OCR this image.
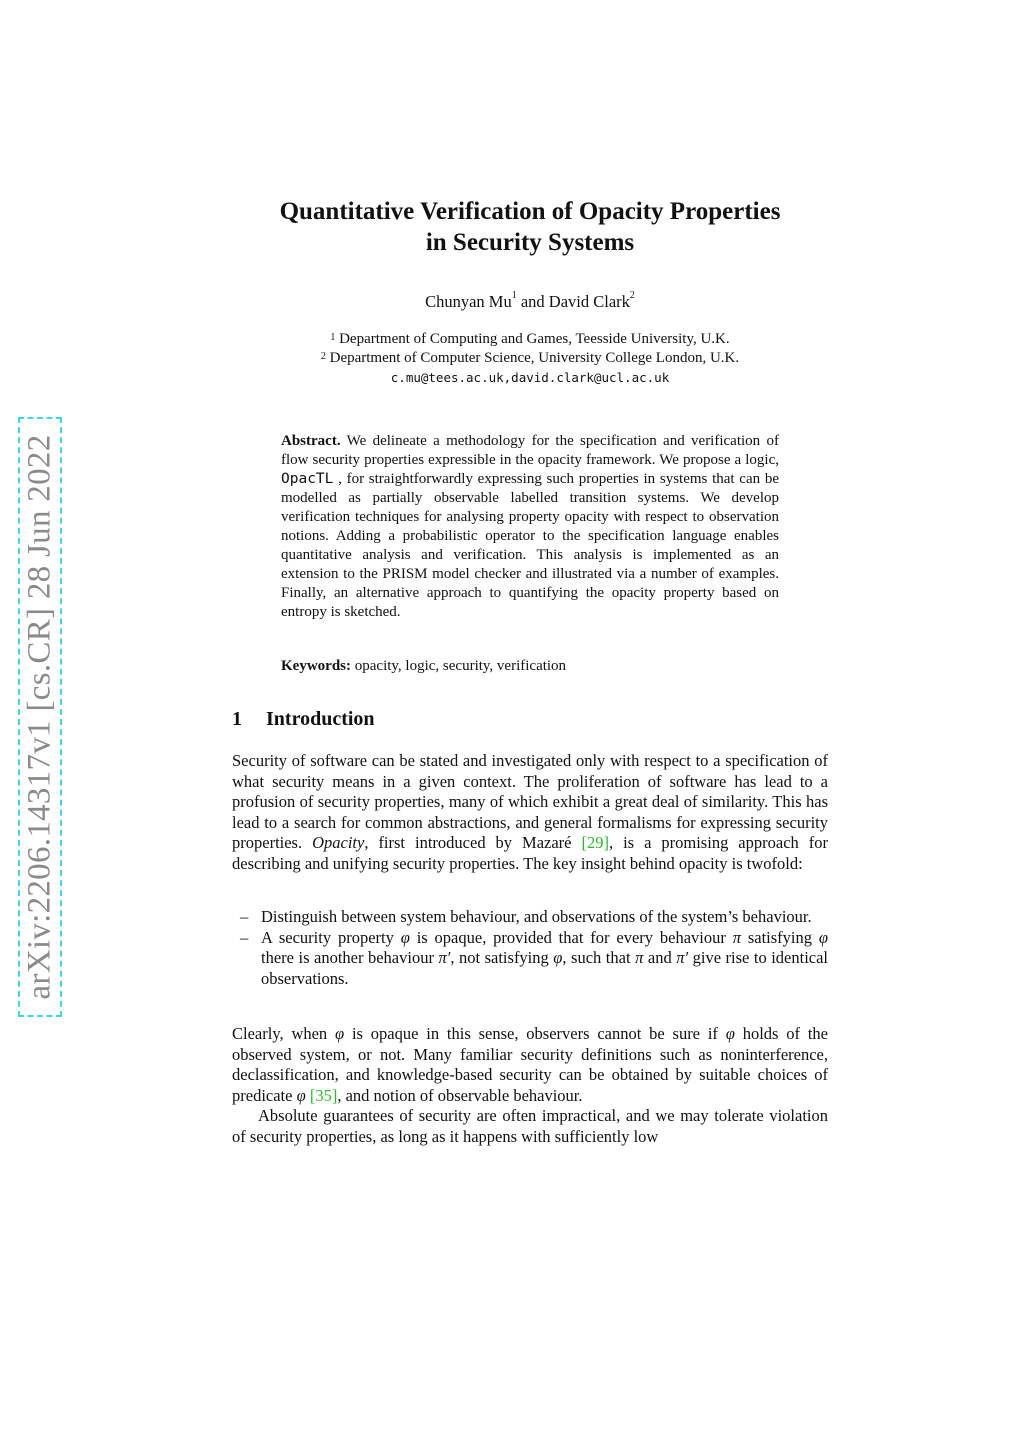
arXiv:2206.14317v1 [cs.CR] 28 Jun 2022
Quantitative Verification of Opacity Properties
in Security Systems
Chunyan Mu$^1$ and David Clark$^2$
$^1$ Department of Computing and Games, Teesside University, U.K.
$^2$ Department of Computer Science, University College London, U.K.
c.mu@tees.ac.uk,david.clark@ucl.ac.uk
Abstract. We delineate a methodology for the specification and verification of flow security properties expressible in the opacity framework. We propose a logic, OpacTL , for straightforwardly expressing such properties in systems that can be modelled as partially observable labelled transition systems. We develop verification techniques for analysing property opacity with respect to observation notions. Adding a probabilistic operator to the specification language enables quantitative analysis and verification. This analysis is implemented as an extension to the PRISM model checker and illustrated via a number of examples. Finally, an alternative approach to quantifying the opacity property based on entropy is sketched.
Keywords: opacity, logic, security, verification
1 Introduction
Security of software can be stated and investigated only with respect to a specification of what security means in a given context. The proliferation of software has lead to a profusion of security properties, many of which exhibit a great deal of similarity. This has lead to a search for common abstractions, and general formalisms for expressing security properties. Opacity, first introduced by Mazaré [29], is a promising approach for describing and unifying security properties. The key insight behind opacity is twofold:
– Distinguish between system behaviour, and observations of the system’s behaviour.
– A security property φ is opaque, provided that for every behaviour π satisfying φ there is another behaviour π′, not satisfying φ, such that π and π′ give rise to identical observations.
Clearly, when φ is opaque in this sense, observers cannot be sure if φ holds of the observed system, or not. Many familiar security definitions such as noninterference, declassification, and knowledge-based security can be obtained by suitable choices of predicate φ [35], and notion of observable behaviour.
Absolute guarantees of security are often impractical, and we may tolerate violation of security properties, as long as it happens with sufficiently low
